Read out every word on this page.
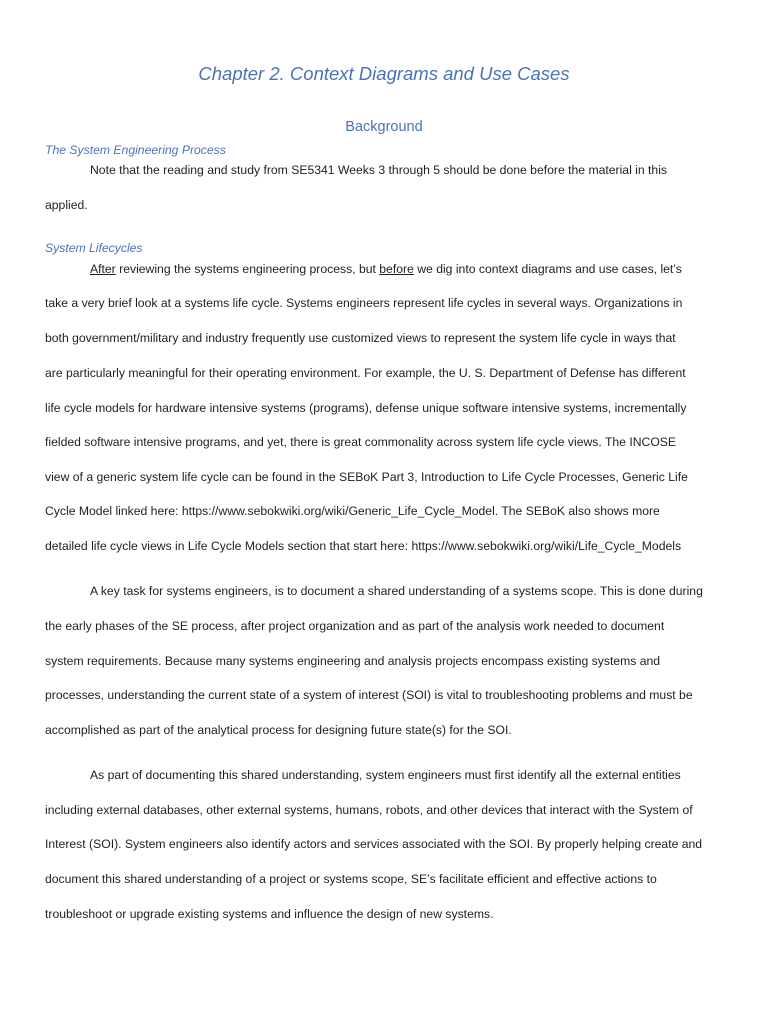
Chapter 2. Context Diagrams and Use Cases
Background
The System Engineering Process
Note that the reading and study from SE5341 Weeks 3 through 5 should be done before the material in this
applied.
System Lifecycles
After reviewing the systems engineering process, but before we dig into context diagrams and use cases, let’s
take a very brief look at a systems life cycle. Systems engineers represent life cycles in several ways. Organizations in
both government/military and industry frequently use customized views to represent the system life cycle in ways that
are particularly meaningful for their operating environment. For example, the U. S. Department of Defense has different
life cycle models for hardware intensive systems (programs), defense unique software intensive systems, incrementally
fielded software intensive programs, and yet, there is great commonality across system life cycle views. The INCOSE
view of a generic system life cycle can be found in the SEBoK Part 3, Introduction to Life Cycle Processes, Generic Life
Cycle Model linked here: https://www.sebokwiki.org/wiki/Generic_Life_Cycle_Model. The SEBoK also shows more
detailed life cycle views in Life Cycle Models section that start here: https://www.sebokwiki.org/wiki/Life_Cycle_Models
A key task for systems engineers, is to document a shared understanding of a systems scope. This is done during
the early phases of the SE process, after project organization and as part of the analysis work needed to document
system requirements. Because many systems engineering and analysis projects encompass existing systems and
processes, understanding the current state of a system of interest (SOI) is vital to troubleshooting problems and must be
accomplished as part of the analytical process for designing future state(s) for the SOI.
As part of documenting this shared understanding, system engineers must first identify all the external entities
including external databases, other external systems, humans, robots, and other devices that interact with the System of
Interest (SOI). System engineers also identify actors and services associated with the SOI. By properly helping create and
document this shared understanding of a project or systems scope, SE’s facilitate efficient and effective actions to
troubleshoot or upgrade existing systems and influence the design of new systems.
